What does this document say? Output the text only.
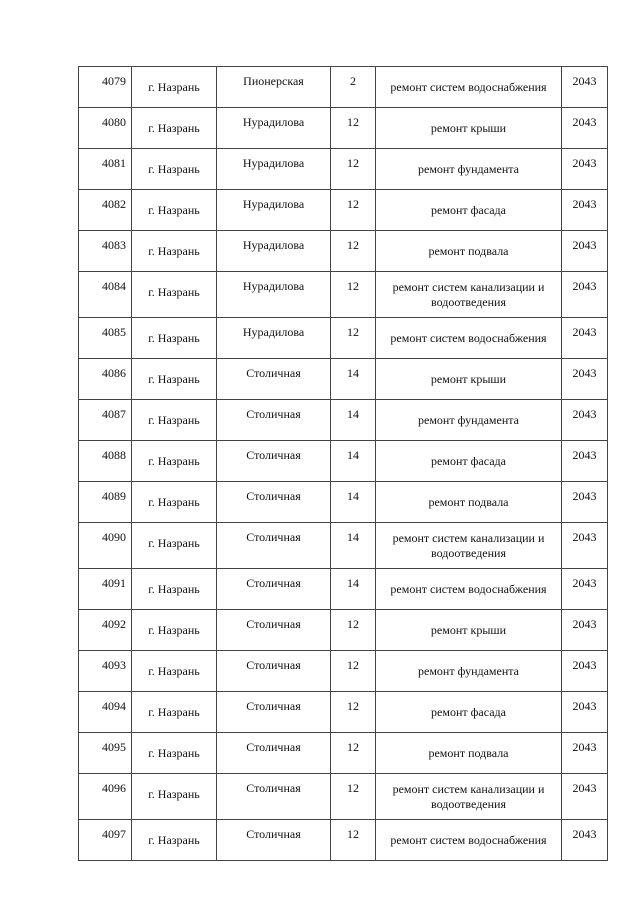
4079	г. Назрань	Пионерская	2	ремонт систем водоснабжения	2043

4080	г. Назрань	Нурадилова	12	ремонт крыши	2043

4081	г. Назрань	Нурадилова	12	ремонт фундамента	2043

4082	г. Назрань	Нурадилова	12	ремонт фасада	2043

4083	г. Назрань	Нурадилова	12	ремонт подвала	2043

4084	г. Назрань	Нурадилова	12	ремонт систем канализации и водоотведения	2043

4085	г. Назрань	Нурадилова	12	ремонт систем водоснабжения	2043

4086	г. Назрань	Столичная	14	ремонт крыши	2043

4087	г. Назрань	Столичная	14	ремонт фундамента	2043

4088	г. Назрань	Столичная	14	ремонт фасада	2043

4089	г. Назрань	Столичная	14	ремонт подвала	2043

4090	г. Назрань	Столичная	14	ремонт систем канализации и водоотведения	2043

4091	г. Назрань	Столичная	14	ремонт систем водоснабжения	2043

4092	г. Назрань	Столичная	12	ремонт крыши	2043

4093	г. Назрань	Столичная	12	ремонт фундамента	2043

4094	г. Назрань	Столичная	12	ремонт фасада	2043

4095	г. Назрань	Столичная	12	ремонт подвала	2043

4096	г. Назрань	Столичная	12	ремонт систем канализации и водоотведения	2043

4097	г. Назрань	Столичная	12	ремонт систем водоснабжения	2043
